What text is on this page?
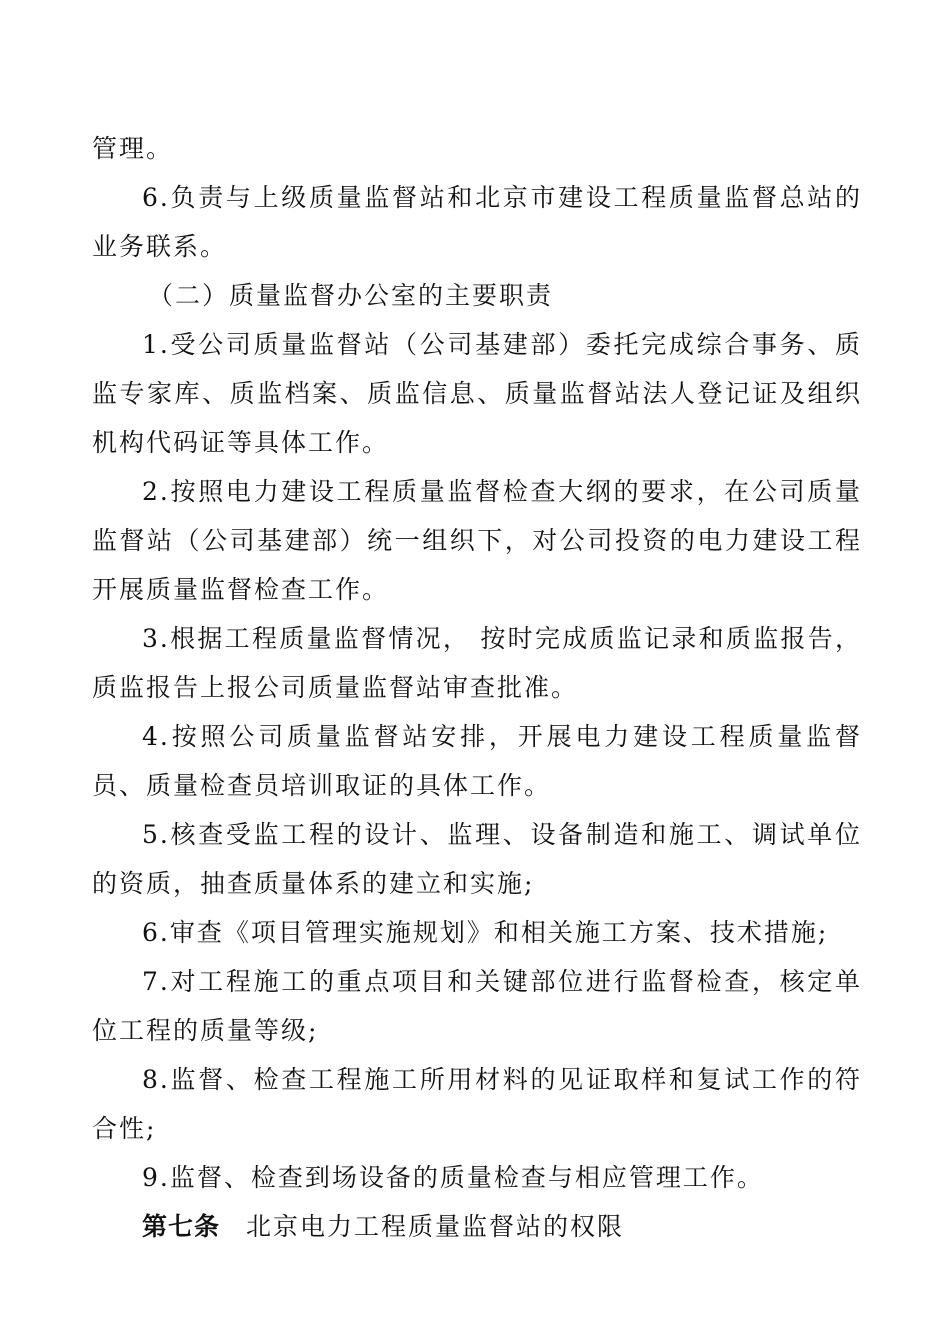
管理。

6.负责与上级质量监督站和北京市建设工程质量监督总站的业务联系。

（二）质量监督办公室的主要职责

1.受公司质量监督站（公司基建部）委托完成综合事务、质监专家库、质监档案、质监信息、质量监督站法人登记证及组织机构代码证等具体工作。

2.按照电力建设工程质量监督检查大纲的要求，在公司质量监督站（公司基建部）统一组织下，对公司投资的电力建设工程开展质量监督检查工作。

3.根据工程质量监督情况， 按时完成质监记录和质监报告，质监报告上报公司质量监督站审查批准。

4.按照公司质量监督站安排，开展电力建设工程质量监督员、质量检查员培训取证的具体工作。

5.核查受监工程的设计、监理、设备制造和施工、调试单位的资质，抽查质量体系的建立和实施;

6.审查《项目管理实施规划》和相关施工方案、技术措施;

7.对工程施工的重点项目和关键部位进行监督检查，核定单位工程的质量等级;

8.监督、检查工程施工所用材料的见证取样和复试工作的符合性;

9.监督、检查到场设备的质量检查与相应管理工作。

第七条 北京电力工程质量监督站的权限
